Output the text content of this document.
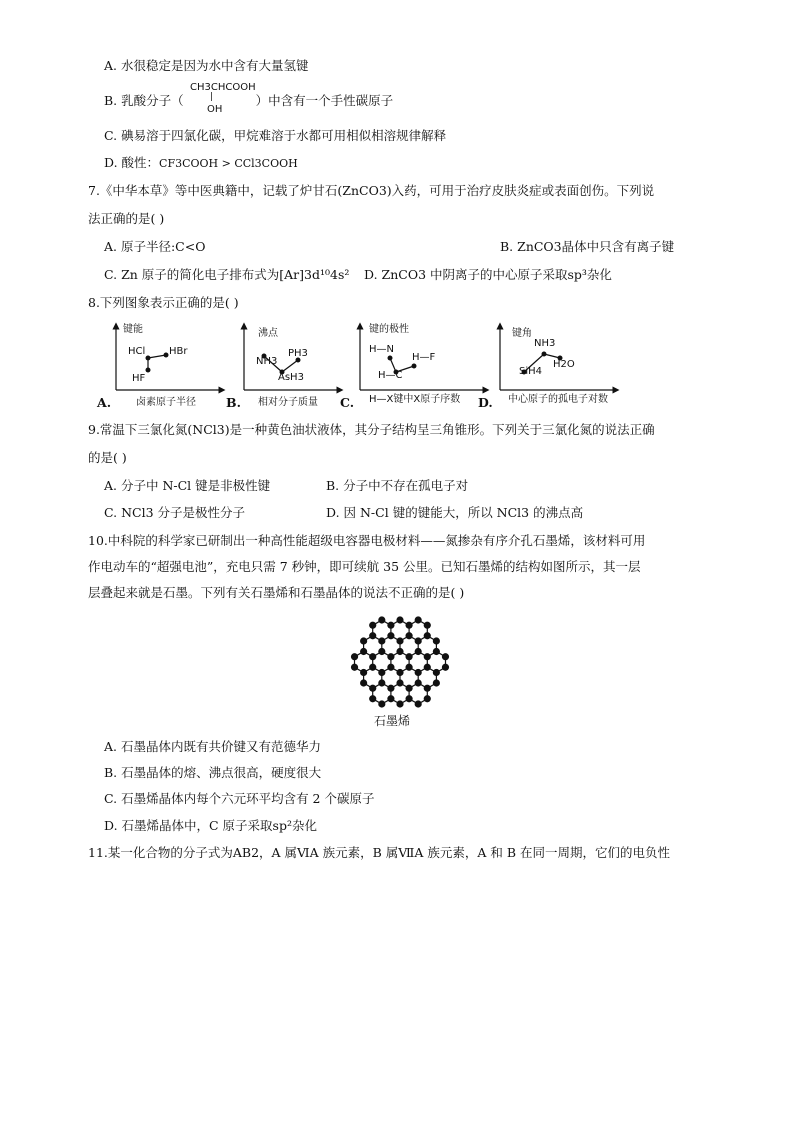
A. 水很稳定是因为水中含有大量氢键
B. 乳酸分子（	）中含有一个手性碳原子
CH3CHCOOH
|
OH
C. 碘易溶于四氯化碳，甲烷难溶于水都可用相似相溶规律解释
D. 酸性：CF3COOH > CCl3COOH
7.《中华本草》等中医典籍中，记载了炉甘石(ZnCO3)入药，可用于治疗皮肤炎症或表面创伤。下列说
法正确的是( )
A. 原子半径:C<O	B. ZnCO3晶体中只含有离子键
C. Zn 原子的简化电子排布式为[Ar]3d¹⁰4s² D. ZnCO3 中阴离子的中心原子采取sp³杂化
8.下列图象表示正确的是( )
键能
HCl HBr
HF
卤素原子半径
A.
沸点
NH3
PH3
AsH3
相对分子质量
B.
键的极性
H—N
H—F
H—C
H—X键中X原子序数
C.
键角
NH3
SiH4
H2O
中心原子的孤电子对数
D.
9.常温下三氯化氮(NCl3)是一种黄色油状液体，其分子结构呈三角锥形。下列关于三氯化氮的说法正确
的是( )
A. 分子中 N-Cl 键是非极性键	B. 分子中不存在孤电子对
C. NCl3 分子是极性分子	D. 因 N-Cl 键的键能大，所以 NCl3 的沸点高
10.中科院的科学家已研制出一种高性能超级电容器电极材料——氮掺杂有序介孔石墨烯，该材料可用
作电动车的“超强电池”，充电只需 7 秒钟，即可续航 35 公里。已知石墨烯的结构如图所示，其一层
层叠起来就是石墨。下列有关石墨烯和石墨晶体的说法不正确的是( )
石墨烯
A. 石墨晶体内既有共价键又有范德华力
B. 石墨晶体的熔、沸点很高，硬度很大
C. 石墨烯晶体内每个六元环平均含有 2 个碳原子
D. 石墨烯晶体中，C 原子采取sp²杂化
11.某一化合物的分子式为AB2，A 属ⅥA 族元素，B 属ⅦA 族元素，A 和 B 在同一周期，它们的电负性
